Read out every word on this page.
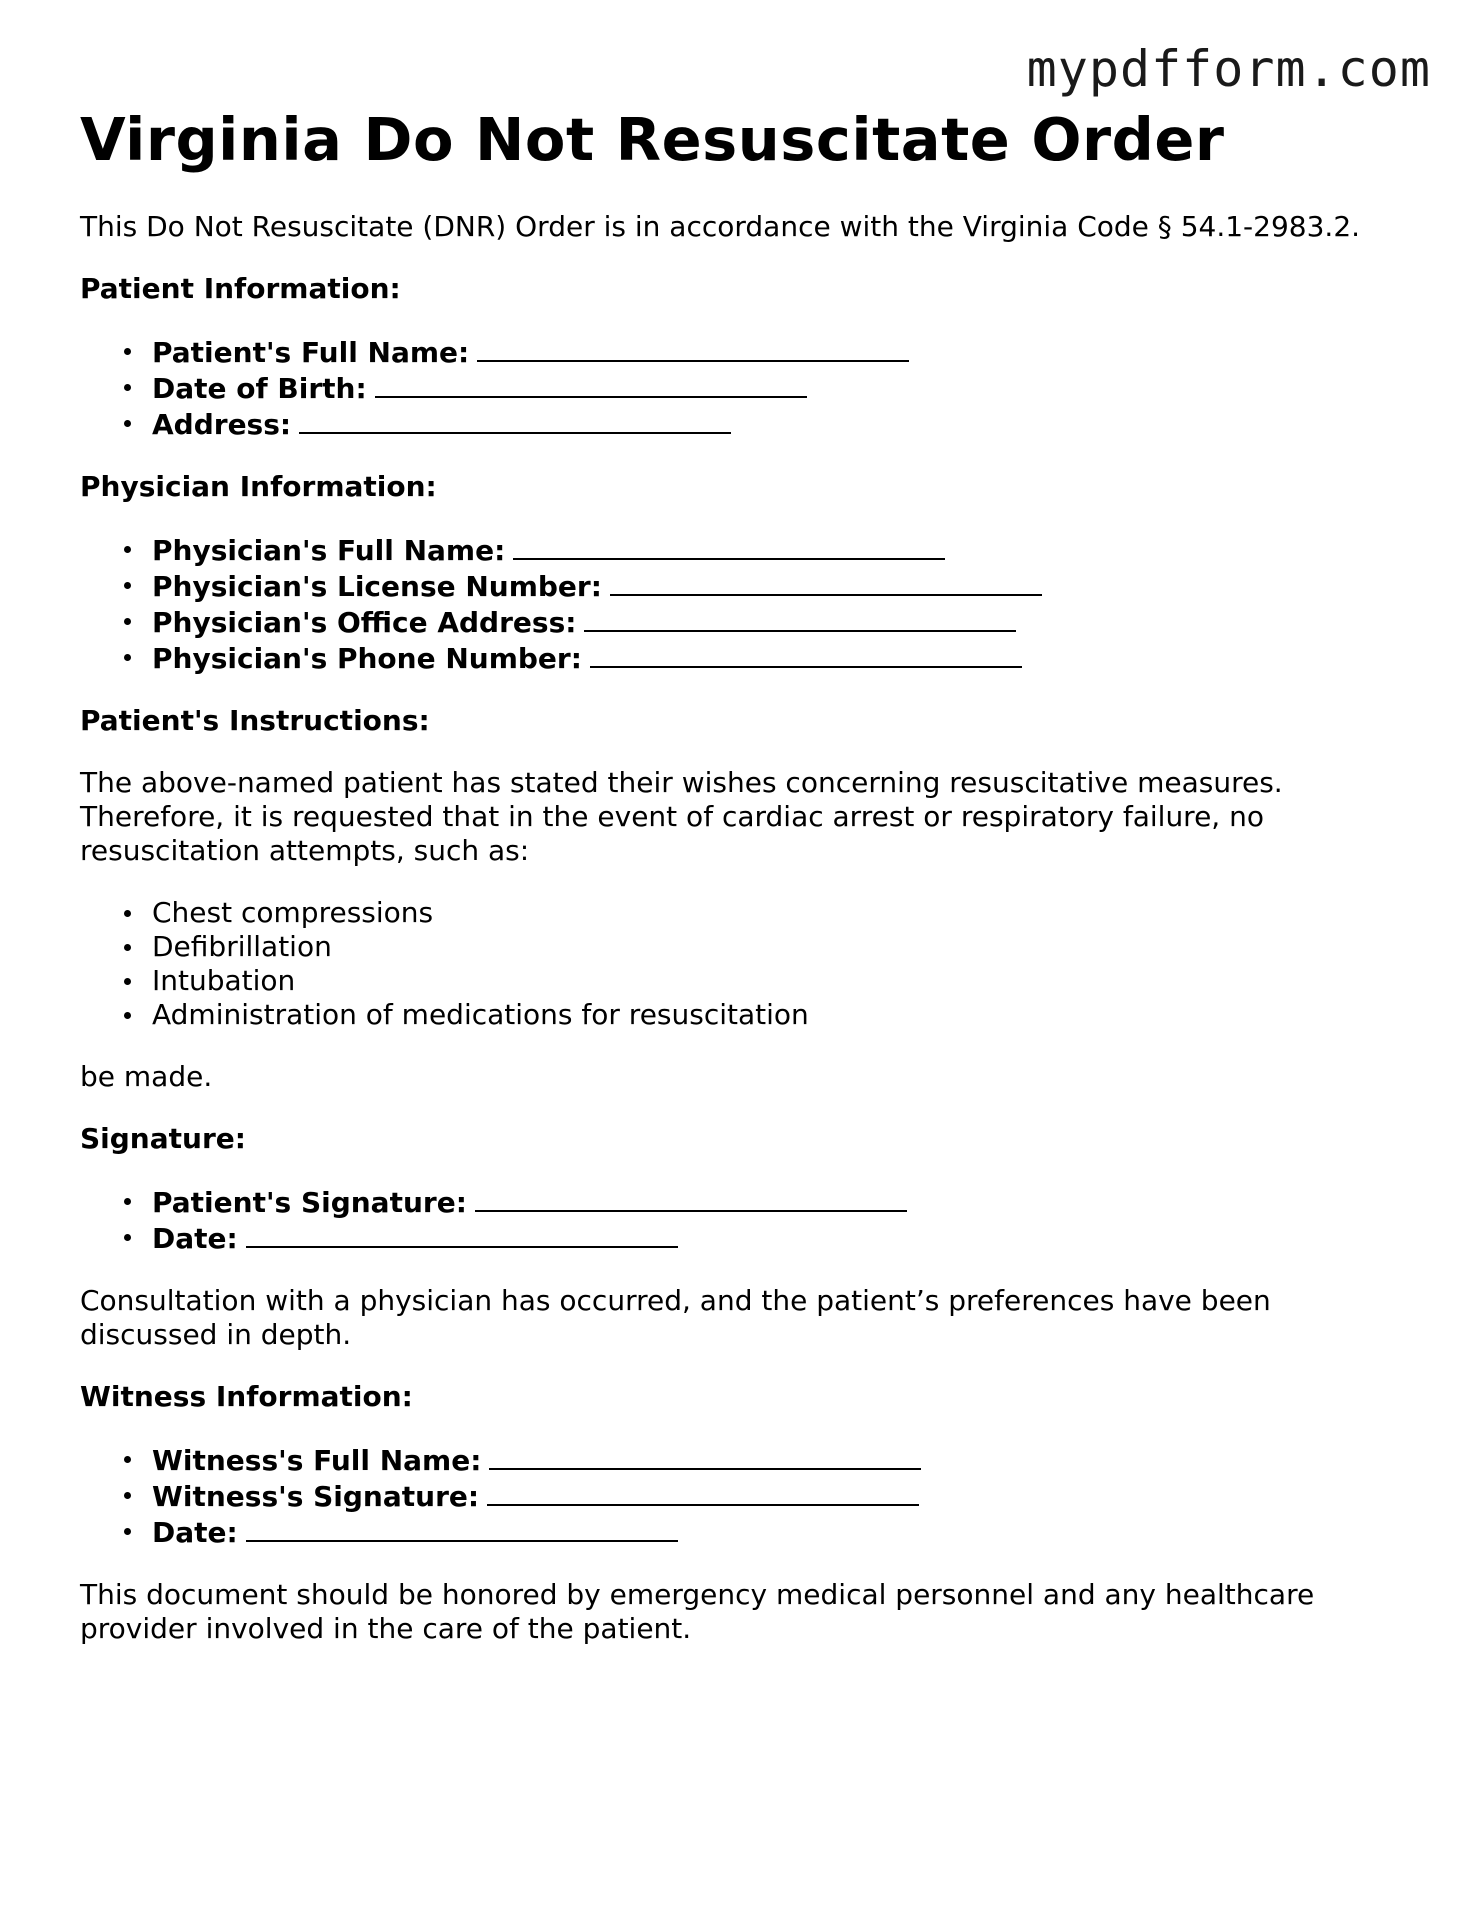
mypdfform.com
Virginia Do Not Resuscitate Order

This Do Not Resuscitate (DNR) Order is in accordance with the Virginia Code § 54.1-2983.2.

Patient Information:
Patient's Full Name:
Date of Birth:
Address:
Physician Information:
Physician's Full Name:
Physician's License Number:
Physician's Office Address:
Physician's Phone Number:
Patient's Instructions:

The above-named patient has stated their wishes concerning resuscitative measures. Therefore, it is requested that in the event of cardiac arrest or respiratory failure, no resuscitation attempts, such as:

Chest compressions
Defibrillation
Intubation
Administration of medications for resuscitation

be made.

Signature:
Patient's Signature:
Date:

Consultation with a physician has occurred, and the patient’s preferences have been discussed in depth.

Witness Information:
Witness's Full Name:
Witness's Signature:
Date:

This document should be honored by emergency medical personnel and any healthcare provider involved in the care of the patient.
